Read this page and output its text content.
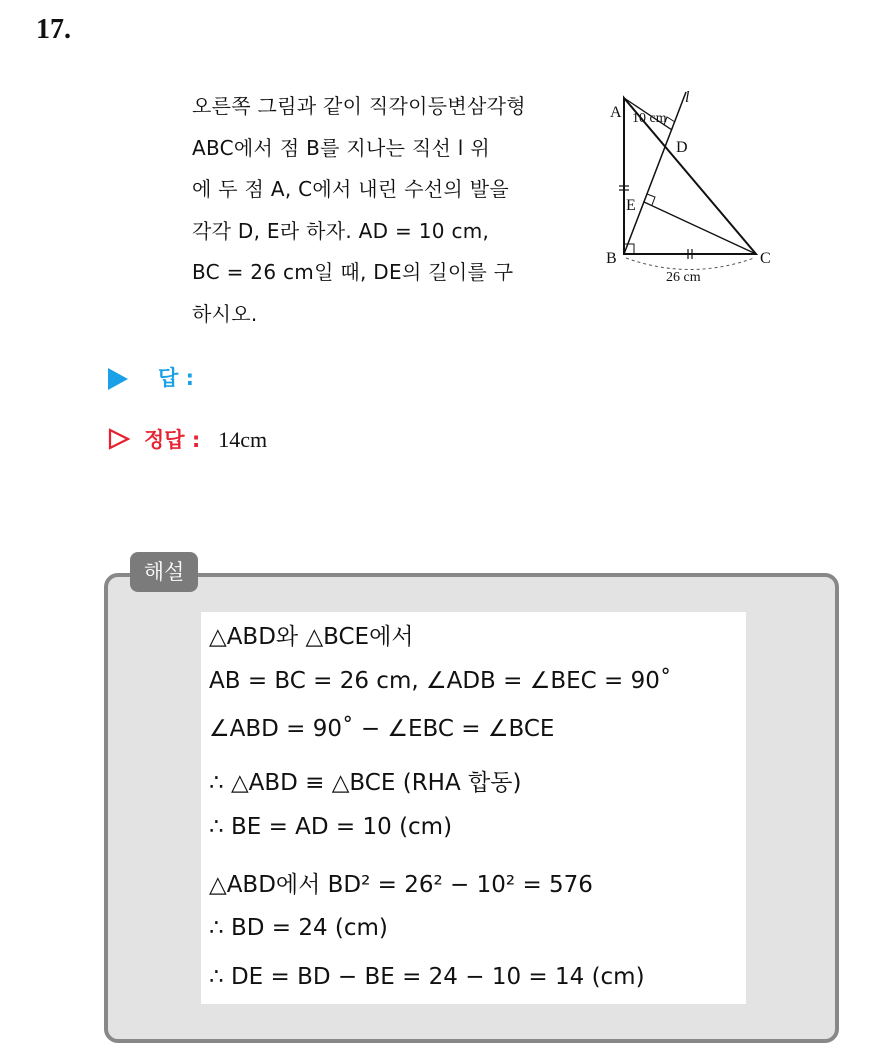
17.
오른쪽 그림과 같이 직각이등변삼각형
ABC에서 점 B를 지나는 직선 l 위
에 두 점 A, C에서 내린 수선의 발을
각각 D, E라 하자. AD = 10 cm,
BC = 26 cm일 때, DE의 길이를 구
하시오.
A 10 cm
l
D
E
B	C
26 cm
답 :
정답 : 14cm
해설
△ABD와 △BCE에서
AB = BC = 26 cm, ∠ADB = ∠BEC = 90˚
∠ABD = 90˚ − ∠EBC = ∠BCE
∴ △ABD ≡ △BCE (RHA 합동)
∴ BE = AD = 10 (cm)
△ABD에서 BD² = 26² − 10² = 576
∴ BD = 24 (cm)
∴ DE = BD − BE = 24 − 10 = 14 (cm)
